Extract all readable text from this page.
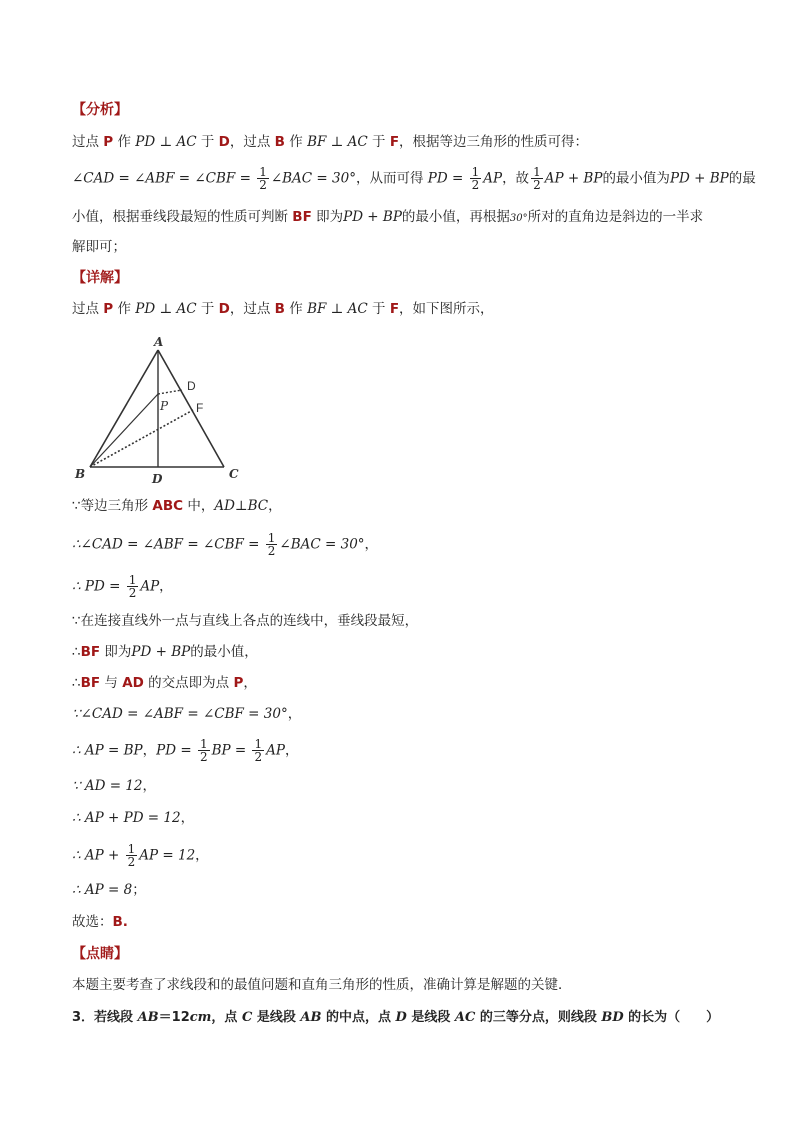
【分析】
过点 P 作 PD ⊥ AC 于 D，过点 B 作 BF ⊥ AC 于 F，根据等边三角形的性质可得：
∠CAD = ∠ABF = ∠CBF = $\frac{1}{2}$ ∠BAC = 30°，从而可得 PD = $\frac{1}{2}$ AP，故 $\frac{1}{2}$ AP + BP的最小值为PD + BP的最
小值，根据垂线段最短的性质可判断 BF 即为PD + BP的最小值，再根据30°所对的直角边是斜边的一半求
解即可；
【详解】
过点 P 作 PD ⊥ AC 于 D，过点 B 作 BF ⊥ AC 于 F，如下图所示，
A
B	C
D
D
F
P
∵等边三角形 ABC 中，AD⊥BC，
∴∠CAD = ∠ABF = ∠CBF = $\frac{1}{2}$ ∠BAC = 30°，
∴ PD = $\frac{1}{2}$ AP，
∵在连接直线外一点与直线上各点的连线中，垂线段最短，
∴BF 即为PD + BP的最小值，
∴BF 与 AD 的交点即为点 P，
∵∠CAD = ∠ABF = ∠CBF = 30°，
∴ AP = BP，PD = $\frac{1}{2}$ BP = $\frac{1}{2}$ AP，
∵ AD = 12，
∴ AP + PD = 12，
∴ AP + $\frac{1}{2}$ AP = 12，
∴ AP = 8；
故选：B.
【点睛】
本题主要考查了求线段和的最值问题和直角三角形的性质，准确计算是解题的关键．
3．若线段 AB＝12cm，点 C 是线段 AB 的中点，点 D 是线段 AC 的三等分点，则线段 BD 的长为（　　）
